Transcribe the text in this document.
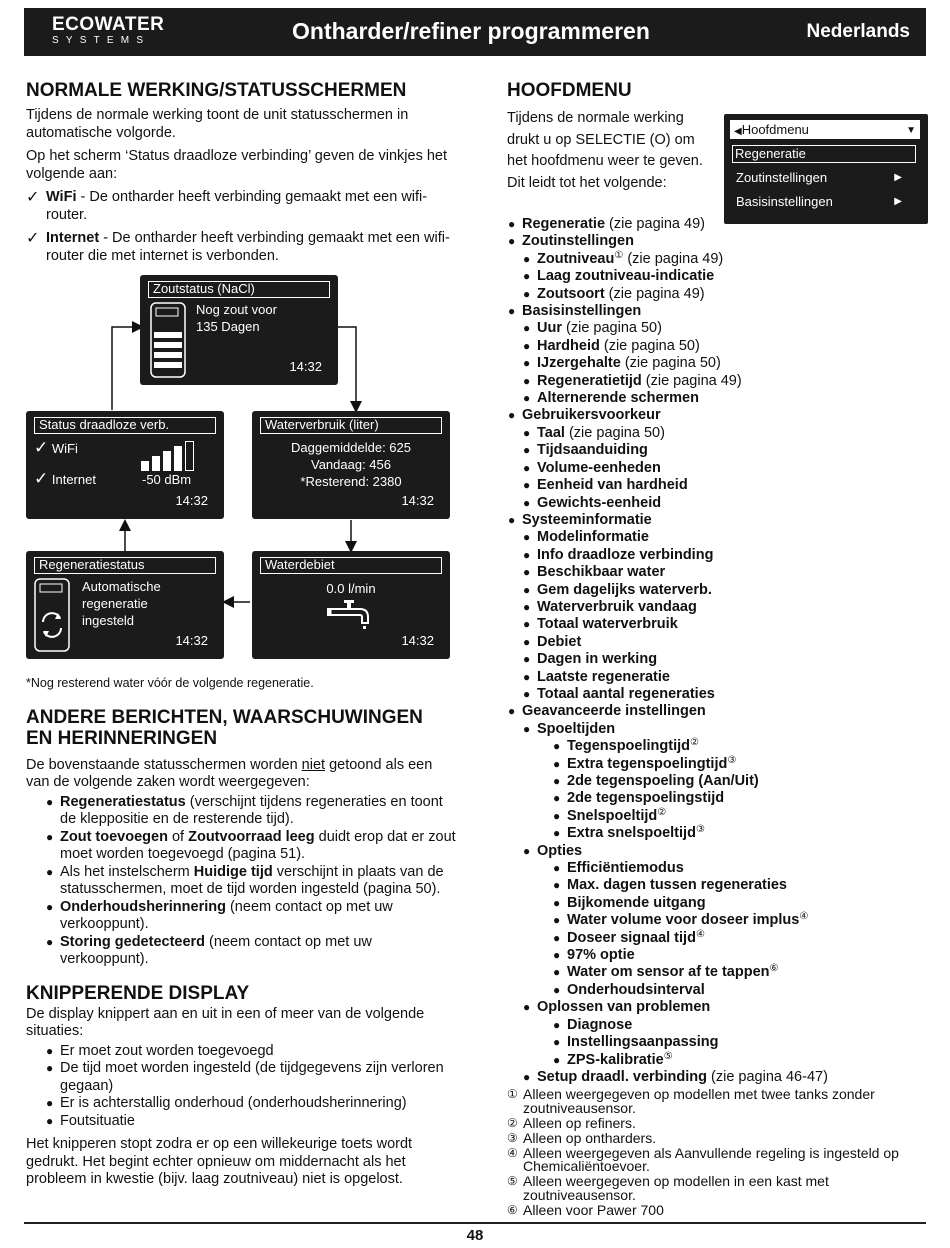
ECOWATER
SYSTEMS	Ontharder/refiner programmeren	Nederlands
NORMALE WERKING/STATUSSCHERMEN

Tijdens de normale werking toont de unit statusschermen in automatische volgorde.

Op het scherm ‘Status draadloze verbinding’ geven de vinkjes het volgende aan:

✓ WiFi - De ontharder heeft verbinding gemaakt met een wifi-router.
✓ Internet - De ontharder heeft verbinding gemaakt met een wifi-router die met internet is verbonden.
Zoutstatus (NaCl)
Nog zout voor
135 Dagen
14:32
Status draadloze verb.
✓ WiFi
✓ Internet	-50 dBm
14:32
Waterverbruik (liter)
Daggemiddelde: 625
Vandaag: 456
*Resterend: 2380
14:32
Regeneratiestatus
Automatische
regeneratie
ingesteld
14:32
Waterdebiet
0.0 l/min
14:32

*Nog resterend water vóór de volgende regeneratie.

ANDERE BERICHTEN, WAARSCHUWINGEN
EN HERINNERINGEN

De bovenstaande statusschermen worden niet getoond als een van de volgende zaken wordt weergegeven:

● Regeneratiestatus (verschijnt tijdens regeneraties en toont de kleppositie en de resterende tijd).
● Zout toevoegen of Zoutvoorraad leeg duidt erop dat er zout moet worden toegevoegd (pagina 51).
● Als het instelscherm Huidige tijd verschijnt in plaats van de statusschermen, moet de tijd worden ingesteld (pagina 50).
● Onderhoudsherinnering (neem contact op met uw verkooppunt).
● Storing gedetecteerd (neem contact op met uw verkooppunt).
KNIPPERENDE DISPLAY

De display knippert aan en uit in een of meer van de volgende situaties:

● Er moet zout worden toegevoegd
● De tijd moet worden ingesteld (de tijdgegevens zijn verloren gegaan)
● Er is achterstallig onderhoud (onderhoudsherinnering)
● Foutsituatie

Het knipperen stopt zodra er op een willekeurige toets wordt gedrukt. Het begint echter opnieuw om middernacht als het probleem in kwestie (bijv. laag zoutniveau) niet is opgelost.

HOOFDMENU
Tijdens de normale werking drukt u op SELECTIE (O) om het hoofdmenu weer te geven. Dit leidt tot het volgende:
◀Hoofdmenu	▼
Regeneratie
Zoutinstellingen	▶
Basisinstellingen	▶
● Regeneratie (zie pagina 49)
● Zoutinstellingen
● Zoutniveau① (zie pagina 49)
● Laag zoutniveau-indicatie
● Zoutsoort (zie pagina 49)
● Basisinstellingen
● Uur (zie pagina 50)
● Hardheid (zie pagina 50)
● IJzergehalte (zie pagina 50)
● Regeneratietijd (zie pagina 49)
● Alternerende schermen
● Gebruikersvoorkeur
● Taal (zie pagina 50)
● Tijdsaanduiding
● Volume-eenheden
● Eenheid van hardheid
● Gewichts-eenheid
● Systeeminformatie
● Modelinformatie
● Info draadloze verbinding
● Beschikbaar water
● Gem dagelijks waterverb.
● Waterverbruik vandaag
● Totaal waterverbruik
● Debiet
● Dagen in werking
● Laatste regeneratie
● Totaal aantal regeneraties
● Geavanceerde instellingen
● Spoeltijden
● Tegenspoelingtijd②
● Extra tegenspoelingtijd③
● 2de tegenspoeling (Aan/Uit)
● 2de tegenspoelingstijd
● Snelspoeltijd②
● Extra snelspoeltijd③
● Opties
● Efficiëntiemodus
● Max. dagen tussen regeneraties
● Bijkomende uitgang
● Water volume voor doseer implus④
● Doseer signaal tijd④
● 97% optie
● Water om sensor af te tappen⑥
● Onderhoudsinterval
● Oplossen van problemen
● Diagnose
● Instellingsaanpassing
● ZPS-kalibratie⑤
● Setup draadl. verbinding (zie pagina 46-47)
① Alleen weergegeven op modellen met twee tanks zonder zoutniveausensor.
② Alleen op refiners.
③ Alleen op ontharders.
④ Alleen weergegeven als Aanvullende regeling is ingesteld op Chemicaliëntoevoer.
⑤ Alleen weergegeven op modellen in een kast met zoutniveausensor.
⑥ Alleen voor Pawer 700
48
